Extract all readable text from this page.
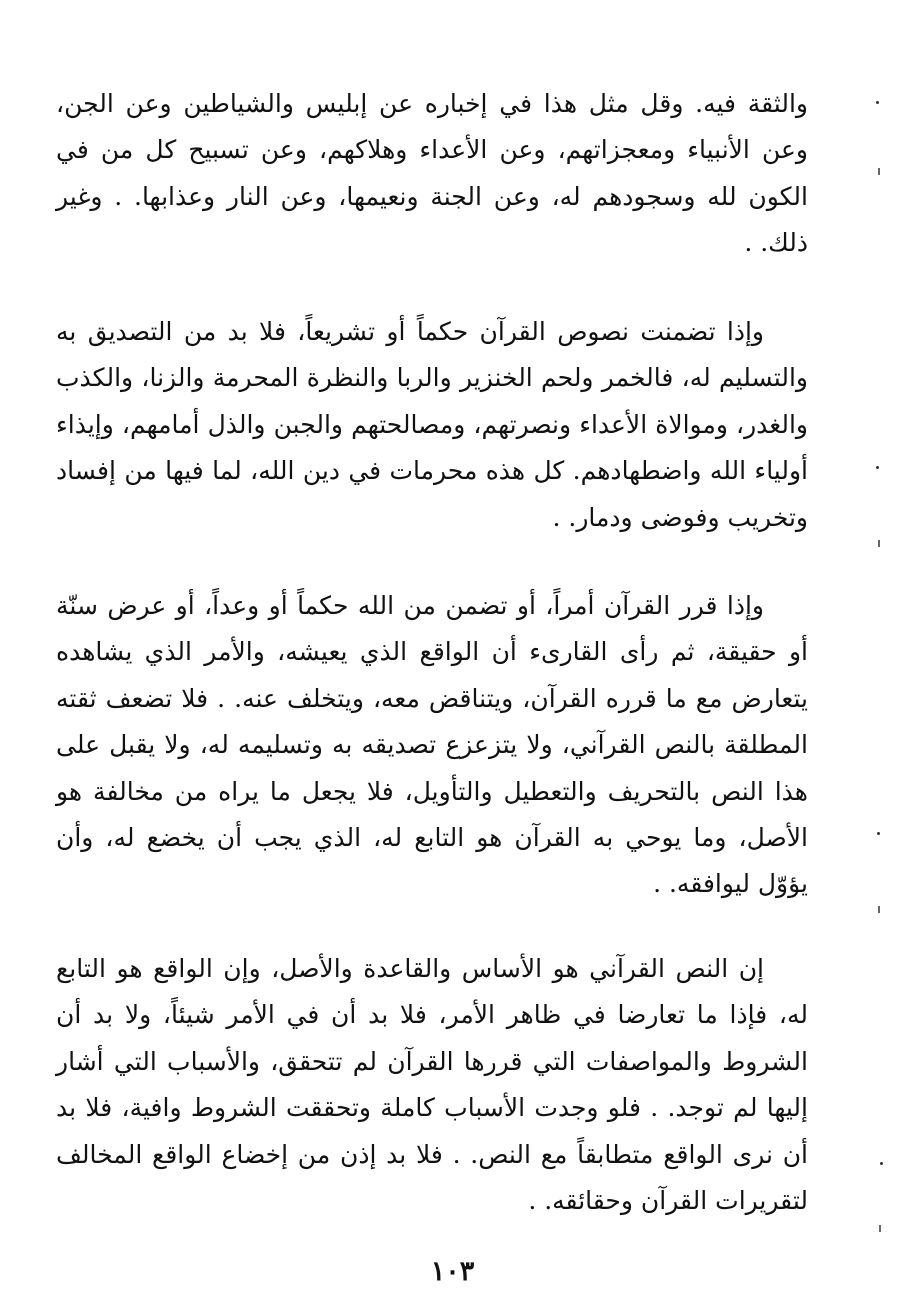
والثقة فيه. وقل مثل هذا في إخباره عن إبليس والشياطين وعن الجن، وعن الأنبياء ومعجزاتهم، وعن الأعداء وهلاكهم، وعن تسبيح كل من في الكون لله وسجودهم له، وعن الجنة ونعيمها، وعن النار وعذابها. . وغير ذلك. .

وإذا تضمنت نصوص القرآن حكماً أو تشريعاً، فلا بد من التصديق به والتسليم له، فالخمر ولحم الخنزير والربا والنظرة المحرمة والزنا، والكذب والغدر، وموالاة الأعداء ونصرتهم، ومصالحتهم والجبن والذل أمامهم، وإيذاء أولياء الله واضطهادهم. كل هذه محرمات في دين الله، لما فيها من إفساد وتخريب وفوضى ودمار. .

وإذا قرر القرآن أمراً، أو تضمن من الله حكماً أو وعداً، أو عرض سنّة أو حقيقة، ثم رأى القارىء أن الواقع الذي يعيشه، والأمر الذي يشاهده يتعارض مع ما قرره القرآن، ويتناقض معه، ويتخلف عنه. . فلا تضعف ثقته المطلقة بالنص القرآني، ولا يتزعزع تصديقه به وتسليمه له، ولا يقبل على هذا النص بالتحريف والتعطيل والتأويل، فلا يجعل ما يراه من مخالفة هو الأصل، وما يوحي به القرآن هو التابع له، الذي يجب أن يخضع له، وأن يؤوّل ليوافقه. .

إن النص القرآني هو الأساس والقاعدة والأصل، وإن الواقع هو التابع له، فإذا ما تعارضا في ظاهر الأمر، فلا بد أن في الأمر شيئاً، ولا بد أن الشروط والمواصفات التي قررها القرآن لم تتحقق، والأسباب التي أشار إليها لم توجد. . فلو وجدت الأسباب كاملة وتحققت الشروط وافية، فلا بد أن نرى الواقع متطابقاً مع النص. . فلا بد إذن من إخضاع الواقع المخالف لتقريرات القرآن وحقائقه. .

١٠٣
